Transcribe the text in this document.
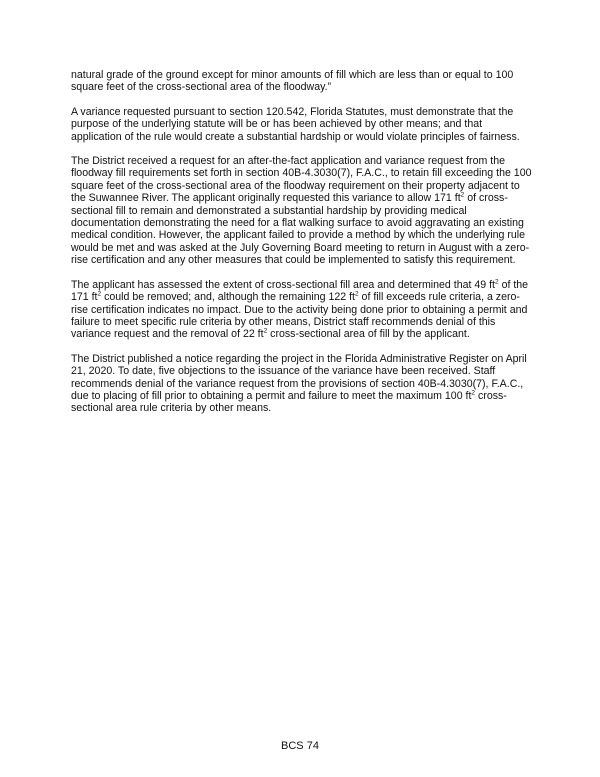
natural grade of the ground except for minor amounts of fill which are less than or equal to 100 square feet of the cross-sectional area of the floodway.”

A variance requested pursuant to section 120.542, Florida Statutes, must demonstrate that the purpose of the underlying statute will be or has been achieved by other means; and that application of the rule would create a substantial hardship or would violate principles of fairness.

The District received a request for an after-the-fact application and variance request from the floodway fill requirements set forth in section 40B-4.3030(7), F.A.C., to retain fill exceeding the 100 square feet of the cross-sectional area of the floodway requirement on their property adjacent to the Suwannee River. The applicant originally requested this variance to allow 171 $ft^2$ of cross-sectional fill to remain and demonstrated a substantial hardship by providing medical documentation demonstrating the need for a flat walking surface to avoid aggravating an existing medical condition. However, the applicant failed to provide a method by which the underlying rule would be met and was asked at the July Governing Board meeting to return in August with a zero-rise certification and any other measures that could be implemented to satisfy this requirement.

The applicant has assessed the extent of cross-sectional fill area and determined that 49 $ft^2$ of the 171 $ft^2$ could be removed; and, although the remaining 122 $ft^2$ of fill exceeds rule criteria, a zero-rise certification indicates no impact. Due to the activity being done prior to obtaining a permit and failure to meet specific rule criteria by other means, District staff recommends denial of this variance request and the removal of 22 $ft^2$ cross-sectional area of fill by the applicant.

The District published a notice regarding the project in the Florida Administrative Register on April 21, 2020. To date, five objections to the issuance of the variance have been received. Staff recommends denial of the variance request from the provisions of section 40B-4.3030(7), F.A.C., due to placing of fill prior to obtaining a permit and failure to meet the maximum 100 $ft^2$ cross-sectional area rule criteria by other means.

BCS 74
